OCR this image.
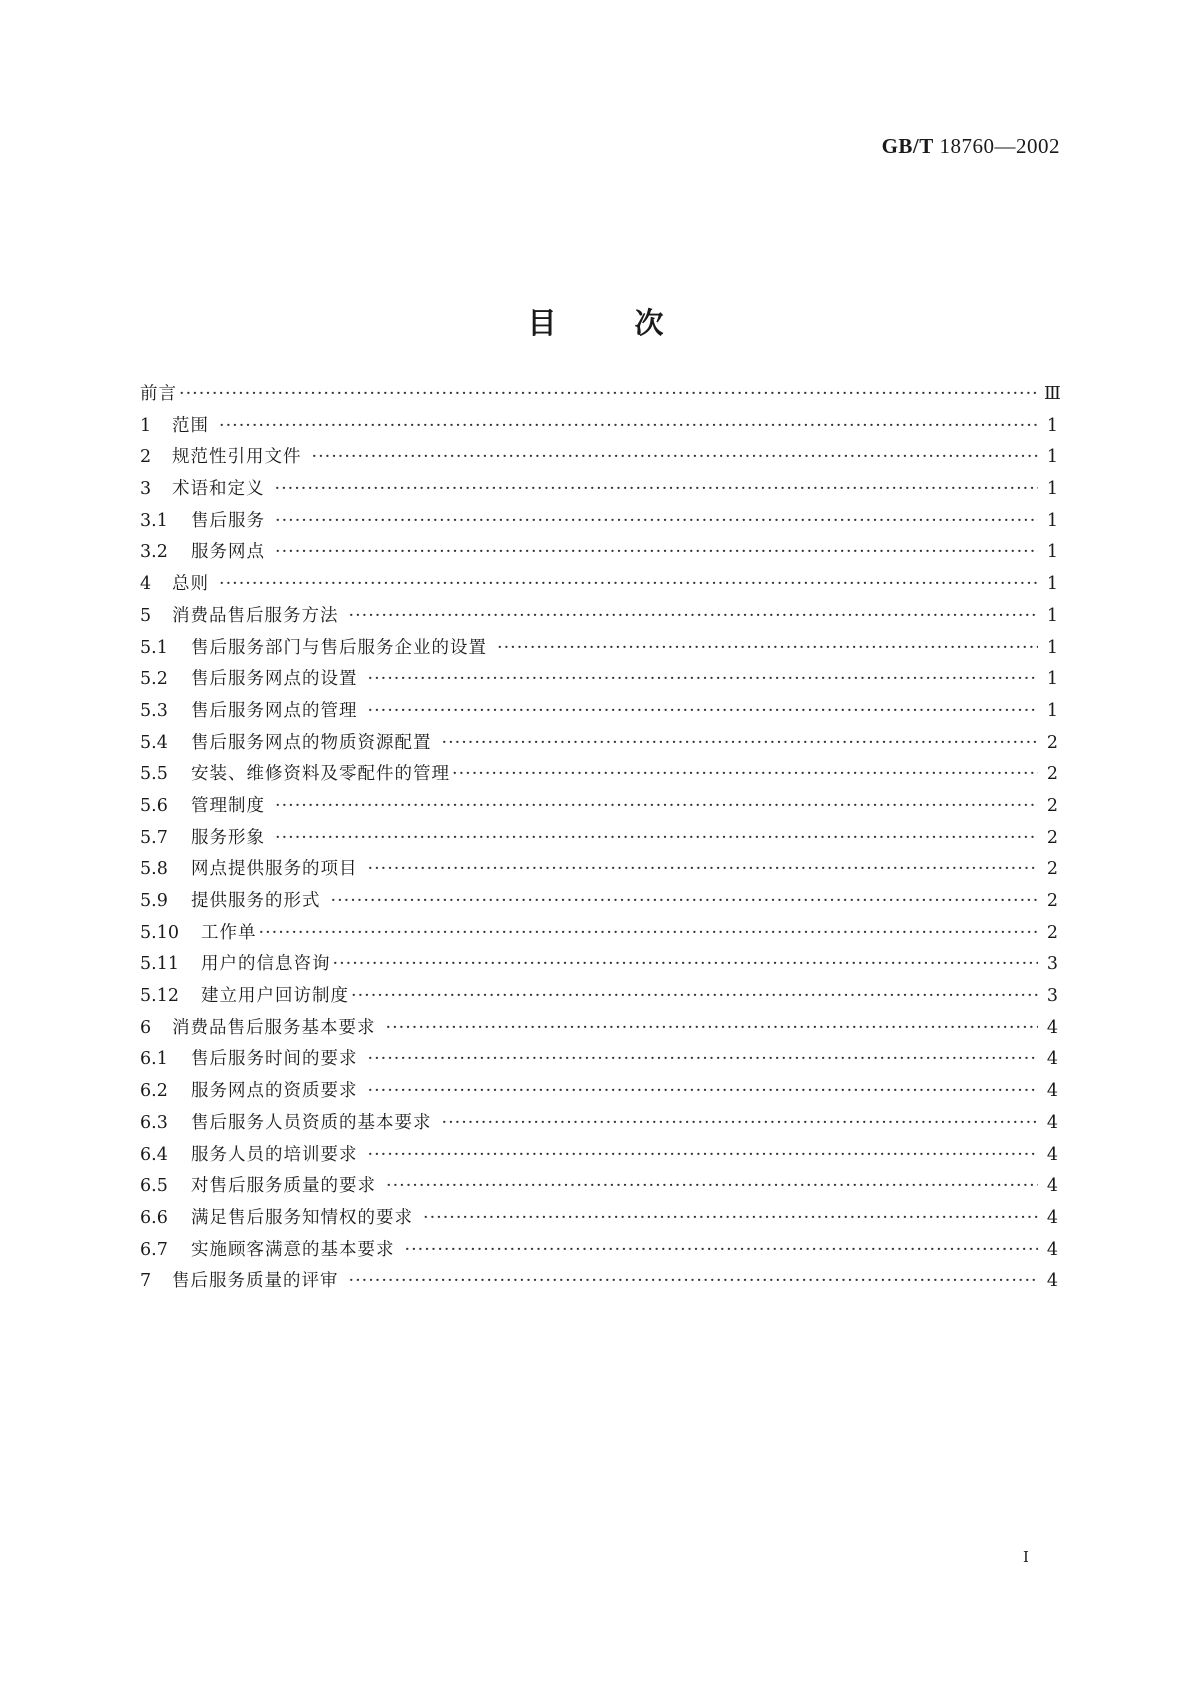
GB/T 18760—2002
目次
前言 ·····	Ⅲ
1	范围 ·····	1
2	规范性引用文件 ·····	1
3	术语和定义 ·····	1
3.1	售后服务 ·····	1
3.2	服务网点 ·····	1
4	总则 ·····	1
5	消费品售后服务方法 ·····	1
5.1	售后服务部门与售后服务企业的设置 ·····	1
5.2	售后服务网点的设置 ·····	1
5.3	售后服务网点的管理 ·····	1
5.4	售后服务网点的物质资源配置 ·····	2
5.5	安装、维修资料及零配件的管理 ·····	2
5.6	管理制度 ·····	2
5.7	服务形象 ·····	2
5.8	网点提供服务的项目 ·····	2
5.9	提供服务的形式 ·····	2
5.10	工作单 ·····	2
5.11	用户的信息咨询 ·····	3
5.12	建立用户回访制度 ·····	3
6	消费品售后服务基本要求 ·····	4
6.1	售后服务时间的要求 ·····	4
6.2	服务网点的资质要求 ·····	4
6.3	售后服务人员资质的基本要求 ·····	4
6.4	服务人员的培训要求 ·····	4
6.5	对售后服务质量的要求 ·····	4
6.6	满足售后服务知情权的要求 ·····	4
6.7	实施顾客满意的基本要求 ·····	4
7	售后服务质量的评审 ·····	4
I
